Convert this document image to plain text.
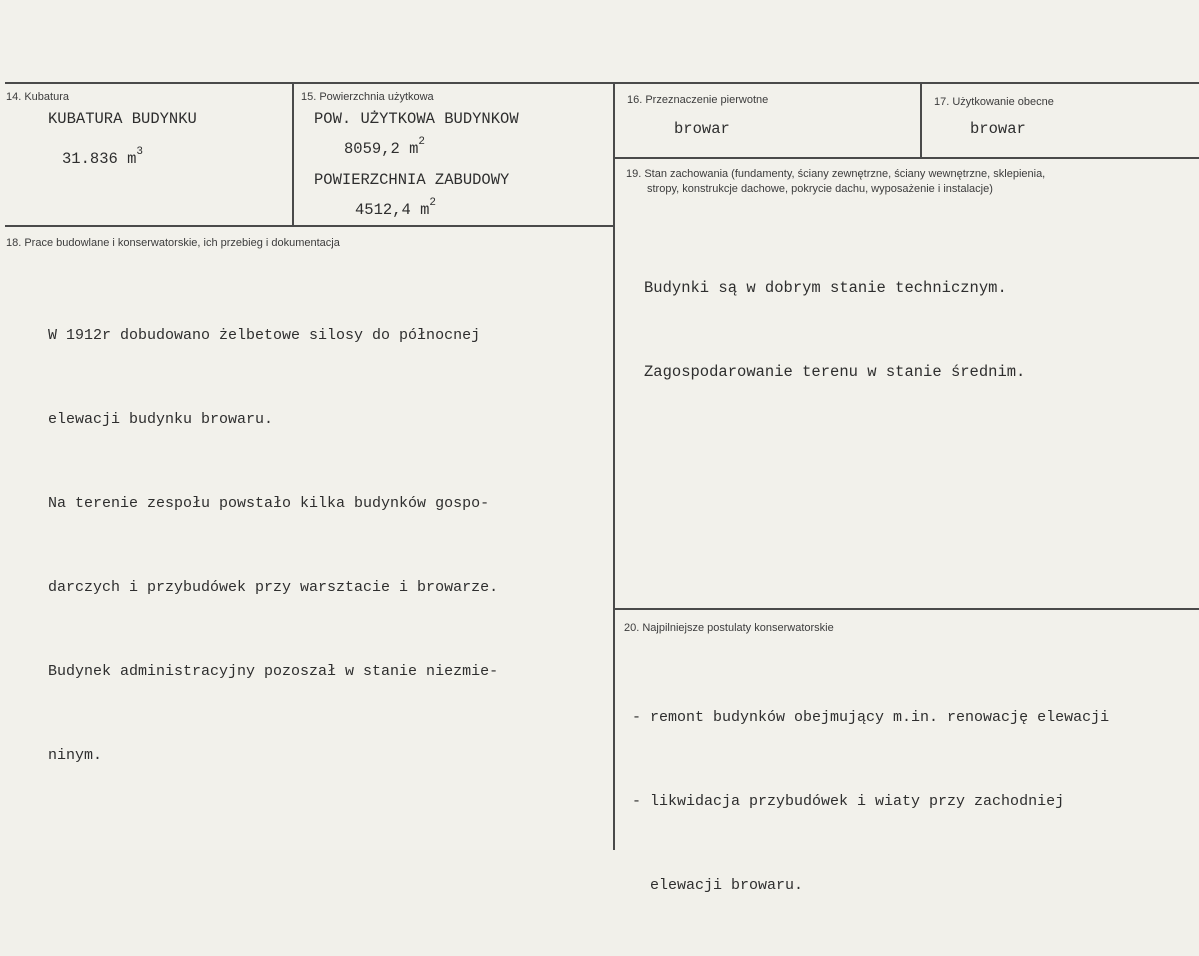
14. Kubatura
KUBATURA BUDYNKU
31.836 $m^3$
15. Powierzchnia użytkowa
POW. UŻYTKOWA BUDYNKOW
8059,2 $m^2$
POWIERZCHNIA ZABUDOWY
4512,4 $m^2$
16. Przeznaczenie pierwotne
browar
17. Użytkowanie obecne
browar
19. Stan zachowania (fundamenty, ściany zewnętrzne, ściany wewnętrzne, sklepienia,
stropy, konstrukcje dachowe, pokrycie dachu, wyposażenie i instalacje)

Budynki są w dobrym stanie technicznym.

Zagospodarowanie terenu w stanie średnim.

18. Prace budowlane i konserwatorskie, ich przebieg i dokumentacja

W 1912r dobudowano żelbetowe silosy do północnej

elewacji budynku browaru.

Na terenie zespołu powstało kilka budynków gospo-

darczych i przybudówek przy warsztacie i browarze.

Budynek administracyjny pozoszał w stanie niezmie-

ninym.

20. Najpilniejsze postulaty konserwatorskie

- remont budynków obejmujący m.in. renowację elewacji

- likwidacja przybudówek i wiaty przy zachodniej

elewacji browaru.
